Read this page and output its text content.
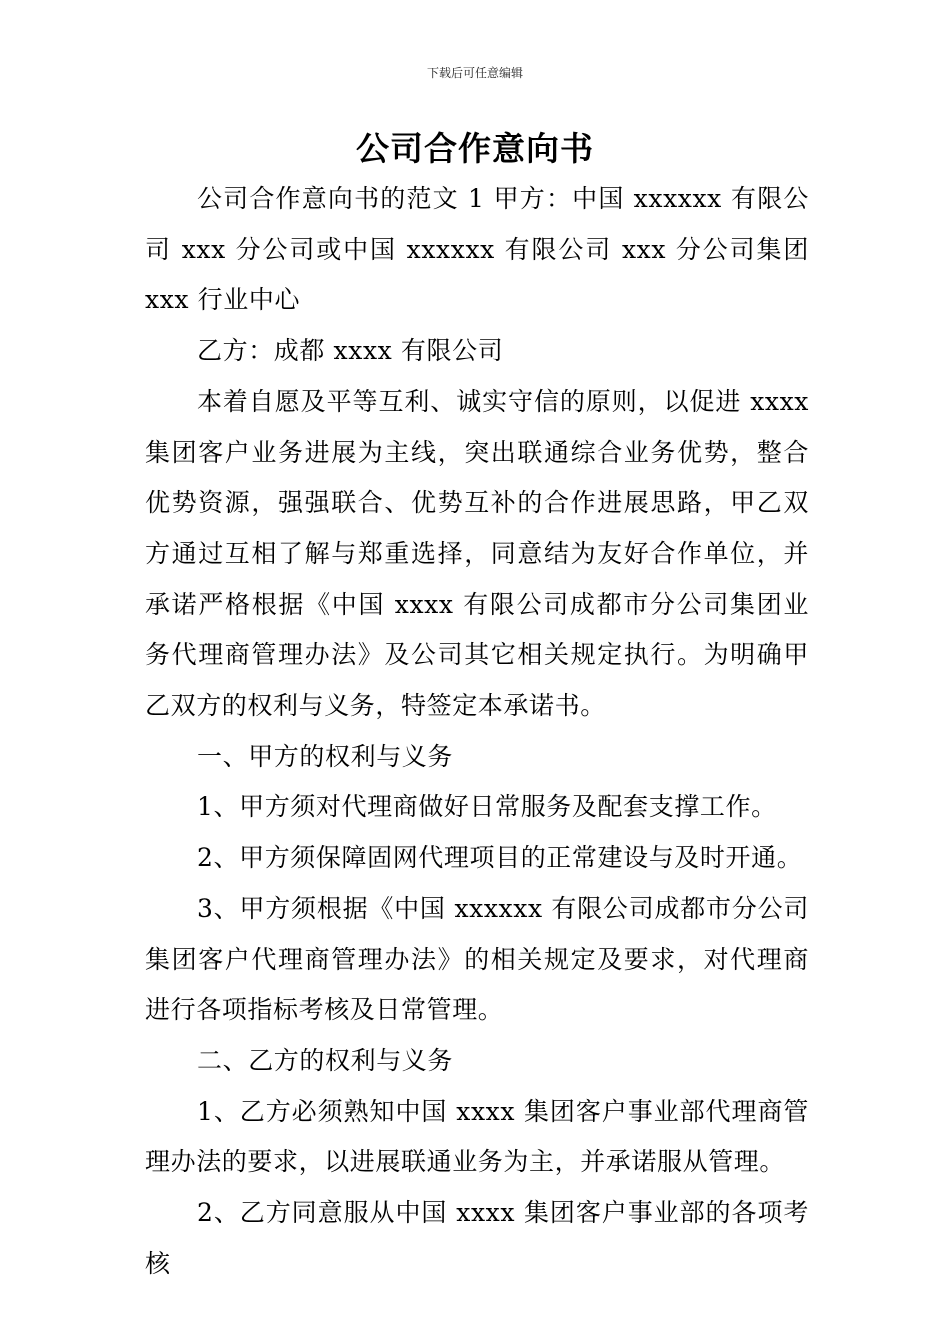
下载后可任意编辑
公司合作意向书

公司合作意向书的范文 1 甲方：中国 xxxxxx 有限公司 xxx 分公司或中国 xxxxxx 有限公司 xxx 分公司集团 xxx 行业中心

乙方：成都 xxxx 有限公司

本着自愿及平等互利、诚实守信的原则，以促进 xxxx 集团客户业务进展为主线，突出联通综合业务优势，整合优势资源，强强联合、优势互补的合作进展思路，甲乙双方通过互相了解与郑重选择，同意结为友好合作单位，并承诺严格根据《中国 xxxx 有限公司成都市分公司集团业务代理商管理办法》及公司其它相关规定执行。为明确甲乙双方的权利与义务，特签定本承诺书。

一、甲方的权利与义务

1、甲方须对代理商做好日常服务及配套支撑工作。

2、甲方须保障固网代理项目的正常建设与及时开通。

3、甲方须根据《中国 xxxxxx 有限公司成都市分公司集团客户代理商管理办法》的相关规定及要求，对代理商进行各项指标考核及日常管理。

二、乙方的权利与义务

1、乙方必须熟知中国 xxxx 集团客户事业部代理商管理办法的要求，以进展联通业务为主，并承诺服从管理。

2、乙方同意服从中国 xxxx 集团客户事业部的各项考核
